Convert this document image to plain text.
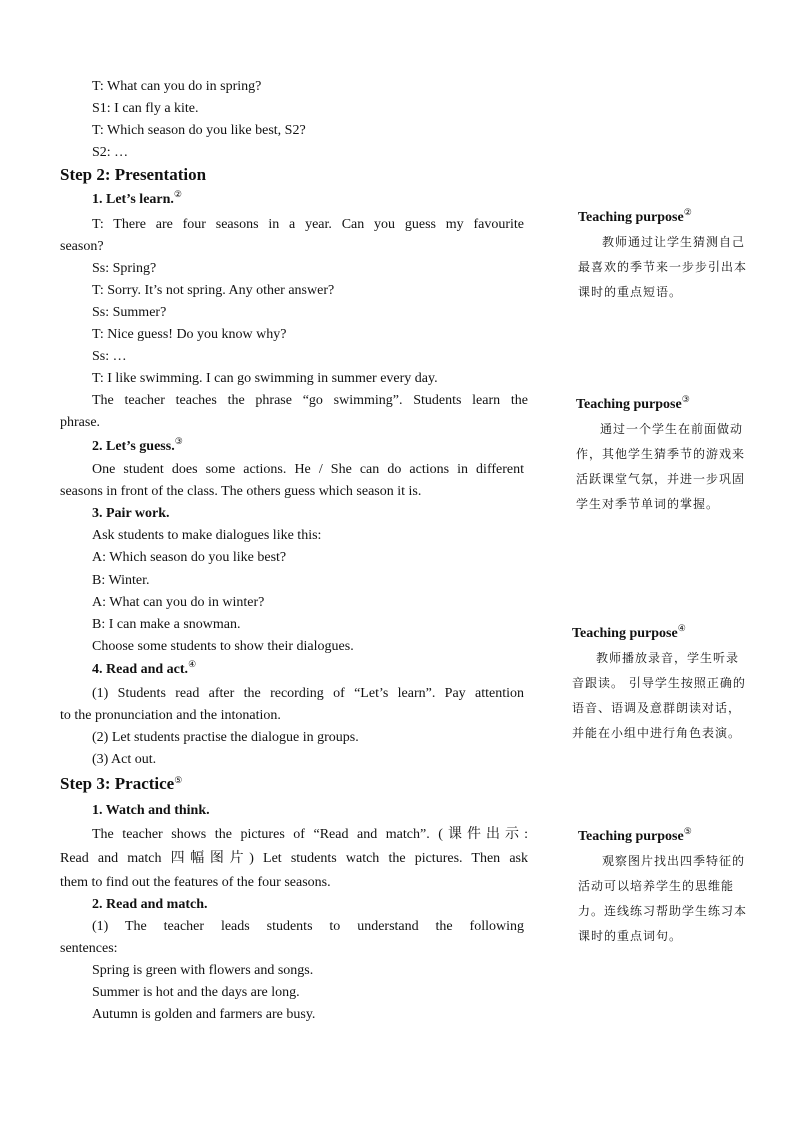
T: What can you do in spring?
S1: I can fly a kite.
T: Which season do you like best, S2?
S2: …
Step 2: Presentation
1. Let’s learn.②
T: There are four seasons in a year. Can you guess my favourite
season?
Ss: Spring?
T: Sorry. It’s not spring. Any other answer?
Ss: Summer?
T: Nice guess! Do you know why?
Ss: …
T: I like swimming. I can go swimming in summer every day.
The teacher teaches the phrase “go swimming”. Students learn the
phrase.
2. Let’s guess.③
One student does some actions. He / She can do actions in different
seasons in front of the class. The others guess which season it is.
3. Pair work.
Ask students to make dialogues like this:
A: Which season do you like best?
B: Winter.
A: What can you do in winter?
B: I can make a snowman.
Choose some students to show their dialogues.
4. Read and act.④
(1) Students read after the recording of “Let’s learn”. Pay attention
to the pronunciation and the intonation.
(2) Let students practise the dialogue in groups.
(3) Act out.
Step 3: Practice⑤
1. Watch and think.
The teacher shows the pictures of “Read and match”. (课件出示:
Read and match 四幅图片) Let students watch the pictures. Then ask
them to find out the features of the four seasons.
2. Read and match.
(1) The teacher leads students to understand the following
sentences:
Spring is green with flowers and songs.
Summer is hot and the days are long.
Autumn is golden and farmers are busy.
Teaching purpose②
教师通过让学生猜测自己最喜欢的季节来一步步引出本课时的重点短语。
Teaching purpose③
通过一个学生在前面做动作，其他学生猜季节的游戏来活跃课堂气氛，并进一步巩固学生对季节单词的掌握。
Teaching purpose④
教师播放录音，学生听录音跟读。 引导学生按照正确的语音、语调及意群朗读对话，并能在小组中进行角色表演。
Teaching purpose⑤
观察图片找出四季特征的活动可以培养学生的思维能力。连线练习帮助学生练习本课时的重点词句。
